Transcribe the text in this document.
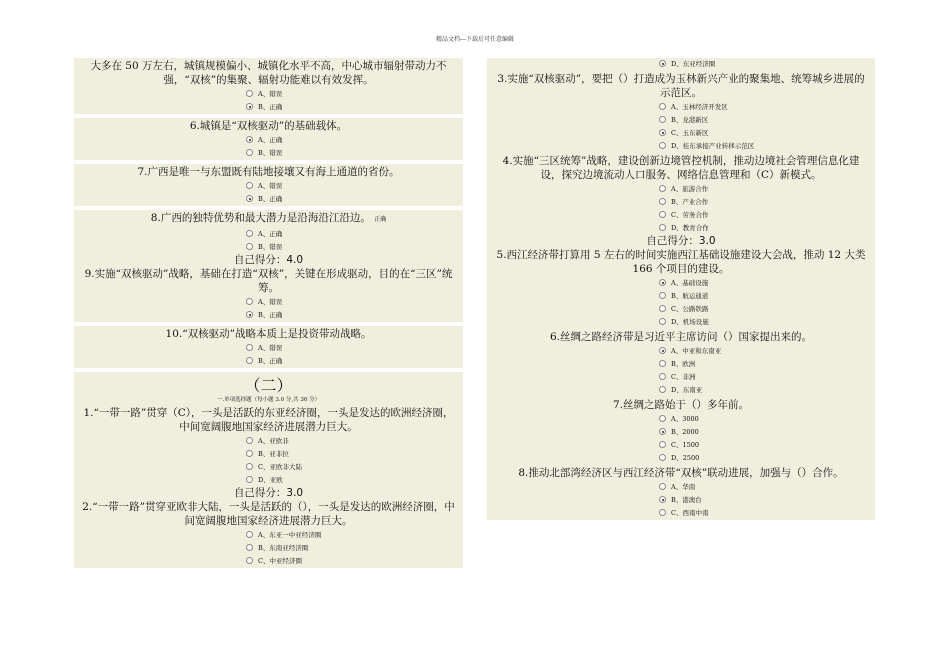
精品文档---下载后可任意编辑
大多在 50 万左右，城镇规模偏小、城镇化水平不高，中心城市辐射带动力不强，“双核”的集聚、辐射功能难以有效发挥。
A、错误
B、正确
6.城镇是“双核驱动”的基础载体。
A、正确
B、错误
7.广西是唯一与东盟既有陆地接壤又有海上通道的省份。
A、错误
B、正确
8.广西的独特优势和最大潜力是沿海沿江沿边。 正确
A、正确
B、错误
自己得分：4.0
9.实施“双核驱动”战略，基础在打造“双核”，关键在形成驱动，目的在“三区”统筹。
A、错误
B、正确
10.“双核驱动”战略本质上是投资带动战略。
A、错误
B、正确
（二）
一.单项选择题（每小题 3.0 分,共 30 分）
1.“一带一路”贯穿（C），一头是活跃的东亚经济圈，一头是发达的欧洲经济圈，中间宽阔腹地国家经济进展潜力巨大。
A、亚欧非
B、亚非拉
C、亚欧非大陆
D、亚欧
自己得分：3.0
2.“一带一路”贯穿亚欧非大陆，一头是活跃的（），一头是发达的欧洲经济圈，中间宽阔腹地国家经济进展潜力巨大。
A、东亚一中亚经济圈
B、东南亚经济圈
C、中亚经济圈
D、东亚经济圈
3.实施“双核驱动”，要把（）打造成为玉林新兴产业的聚集地、统筹城乡进展的示范区。
A、玉林经济开发区
B、龙港新区
C、玉东新区
D、桂东承接产业转移示范区
4.实施“三区统筹”战略，建设创新边境管控机制，推动边境社会管理信息化建设，探究边境流动人口服务、网络信息管理和（C）新模式。
A、旅游合作
B、产业合作
C、劳务合作
D、教育合作
自己得分：3.0
5.西江经济带打算用 5 左右的时间实施西江基础设施建设大会战，推动 12 大类 166 个项目的建设。
A、基础设施
B、航运通道
C、公路铁路
D、机场设施
6.丝绸之路经济带是习近平主席访问（）国家提出来的。
A、中亚和东南亚
B、欧洲
C、非洲
D、东南亚
7.丝绸之路始于（）多年前。
A、3000
B、2000
C、1500
D、2500
8.推动北部湾经济区与西江经济带“双核”联动进展，加强与（）合作。
A、华南
B、港澳台
C、西南中南
